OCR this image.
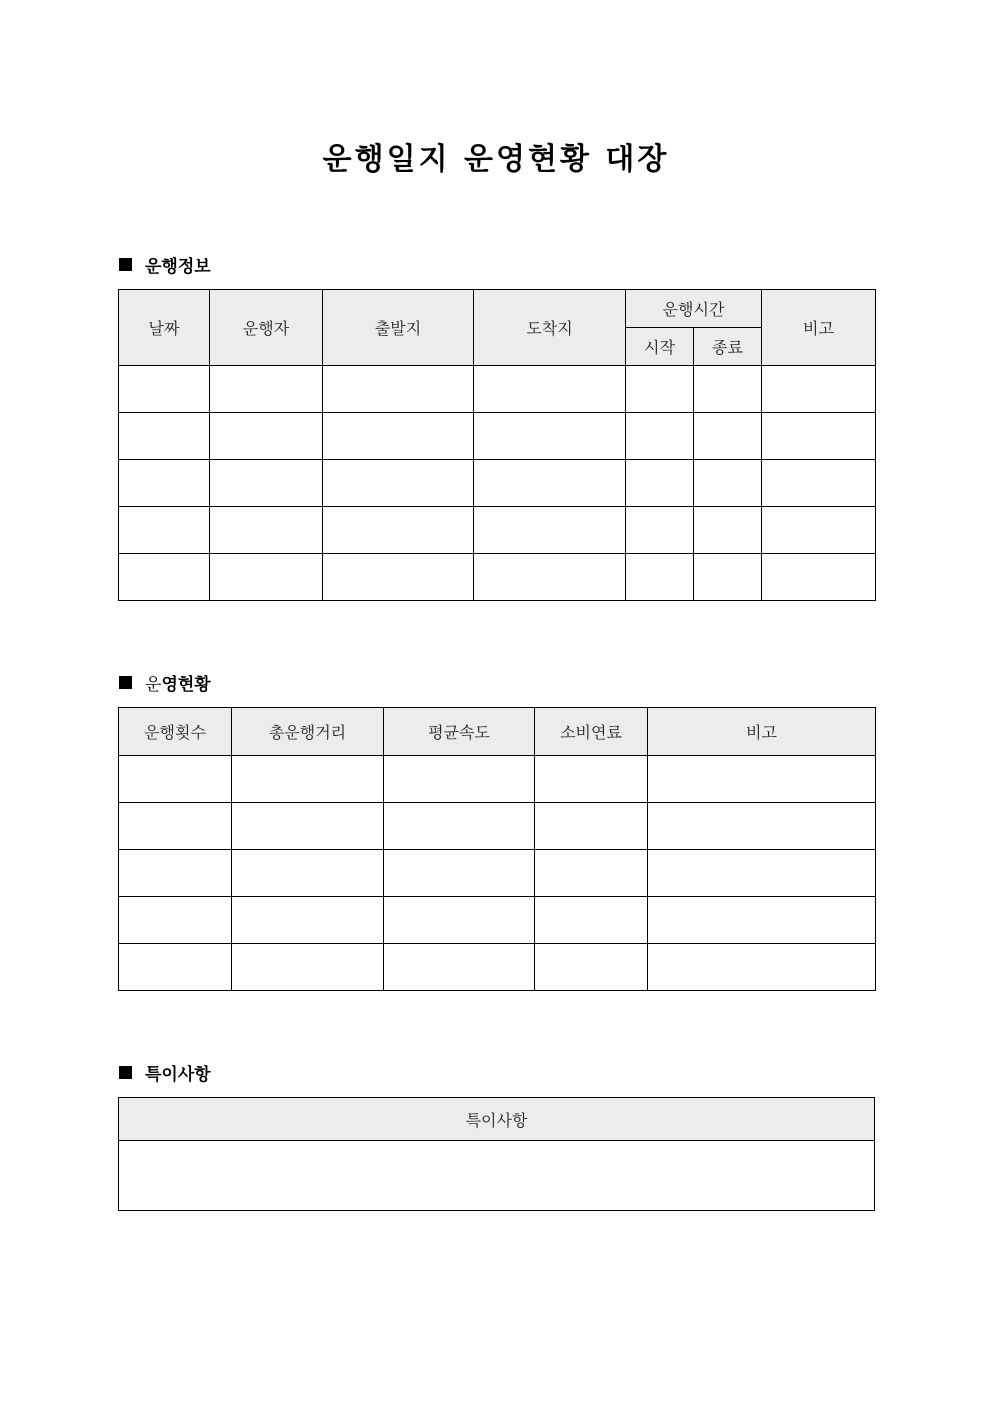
운행일지 운영현황 대장
운행정보
날짜	운행자	출발지	도착지	운행시간		비고
				시작	종료	

운 영현황
운행횟수	총운행거리	평균속도	소비연료	비고

특이사항
특이사항
